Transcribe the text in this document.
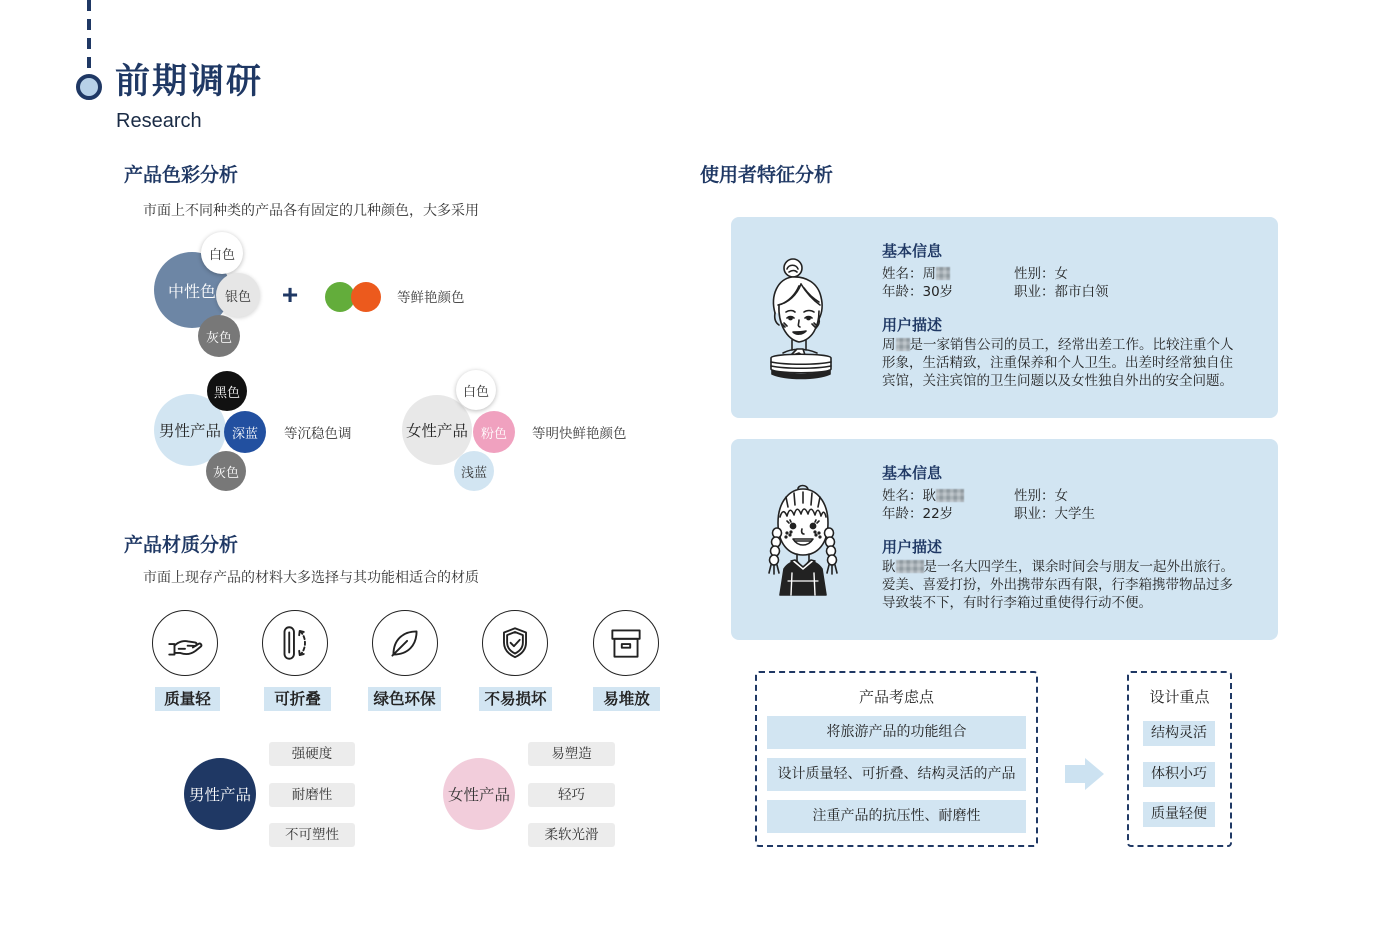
前期调研
Research
产品色彩分析
市面上不同种类的产品各有固定的几种颜色，大多采用
中性色
白色
银色
灰色
+	等鲜艳颜色
男性产品
黑色
深蓝
灰色
等沉稳色调	女性产品
白色
粉色
浅蓝
等明快鲜艳颜色
产品材质分析
市面上现存产品的材料大多选择与其功能相适合的材质
质量轻	可折叠	绿色环保	不易损坏	易堆放
男性产品
强硬度
耐磨性
不可塑性
女性产品
易塑造
轻巧
柔软光滑
使用者特征分析
基本信息
姓名：周	性别：女
年龄：30岁	职业：都市白领
用户描述
周 是一家销售公司的员工，经常出差工作。比较注重个人
形象，生活精致，注重保养和个人卫生。出差时经常独自住
宾馆，关注宾馆的卫生问题以及女性独自外出的安全问题。
基本信息
姓名：耿	性别：女
年龄：22岁	职业：大学生
用户描述
耿 是一名大四学生，课余时间会与朋友一起外出旅行。
爱美、喜爱打扮，外出携带东西有限，行李箱携带物品过多
导致装不下，有时行李箱过重使得行动不便。
产品考虑点
将旅游产品的功能组合
设计质量轻、可折叠、结构灵活的产品
注重产品的抗压性、耐磨性
设计重点
结构灵活
体积小巧
质量轻便
